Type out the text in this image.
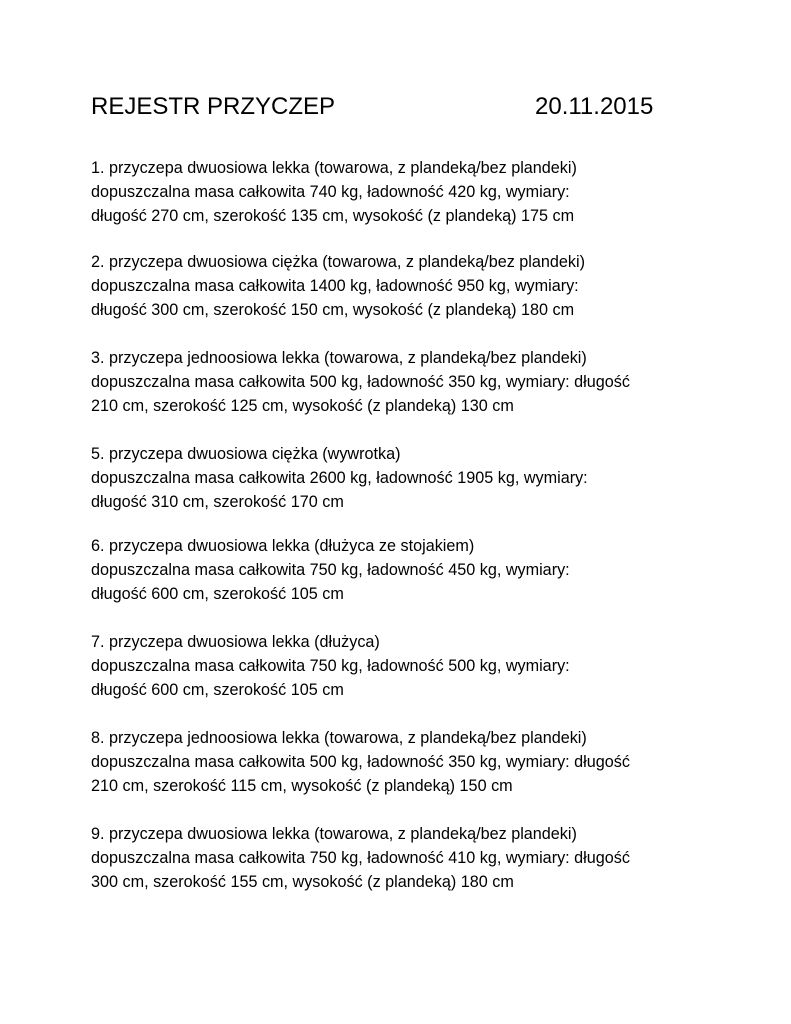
REJESTR PRZYCZEP	20.11.2015
1. przyczepa dwuosiowa lekka (towarowa, z plandeką/bez plandeki)
dopuszczalna masa całkowita 740 kg, ładowność 420 kg, wymiary:
długość 270 cm, szerokość 135 cm, wysokość (z plandeką) 175 cm
2. przyczepa dwuosiowa ciężka (towarowa, z plandeką/bez plandeki)
dopuszczalna masa całkowita 1400 kg, ładowność 950 kg, wymiary:
długość 300 cm, szerokość 150 cm, wysokość (z plandeką) 180 cm
3. przyczepa jednoosiowa lekka (towarowa, z plandeką/bez plandeki)
dopuszczalna masa całkowita 500 kg, ładowność 350 kg, wymiary: długość
210 cm, szerokość 125 cm, wysokość (z plandeką) 130 cm
5. przyczepa dwuosiowa ciężka (wywrotka)
dopuszczalna masa całkowita 2600 kg, ładowność 1905 kg, wymiary:
długość 310 cm, szerokość 170 cm
6. przyczepa dwuosiowa lekka (dłużyca ze stojakiem)
dopuszczalna masa całkowita 750 kg, ładowność 450 kg, wymiary:
długość 600 cm, szerokość 105 cm
7. przyczepa dwuosiowa lekka (dłużyca)
dopuszczalna masa całkowita 750 kg, ładowność 500 kg, wymiary:
długość 600 cm, szerokość 105 cm
8. przyczepa jednoosiowa lekka (towarowa, z plandeką/bez plandeki)
dopuszczalna masa całkowita 500 kg, ładowność 350 kg, wymiary: długość
210 cm, szerokość 115 cm, wysokość (z plandeką) 150 cm
9. przyczepa dwuosiowa lekka (towarowa, z plandeką/bez plandeki)
dopuszczalna masa całkowita 750 kg, ładowność 410 kg, wymiary: długość
300 cm, szerokość 155 cm, wysokość (z plandeką) 180 cm
